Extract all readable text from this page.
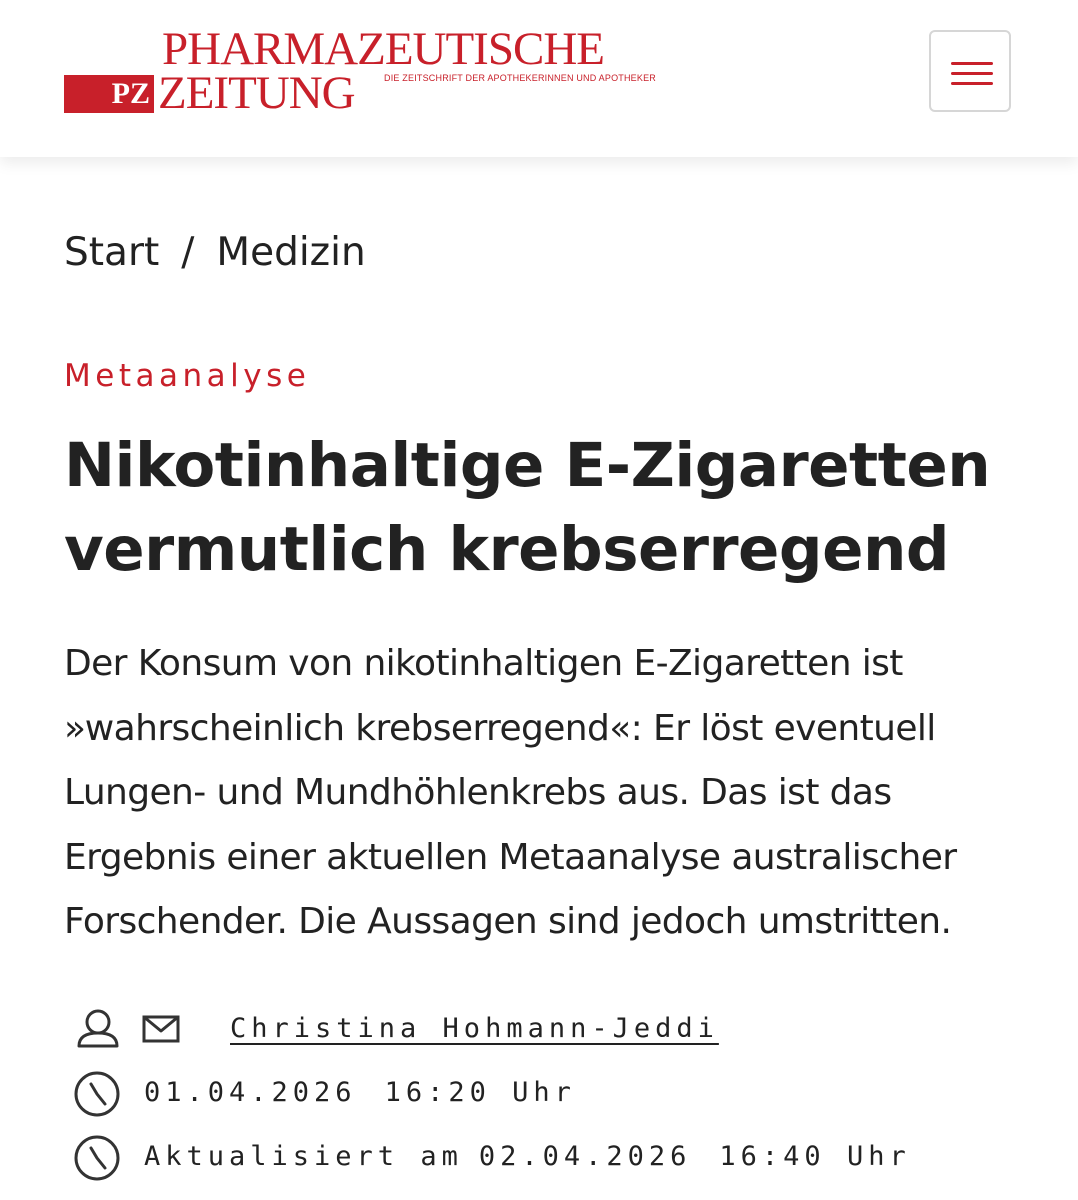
PHARMAZEUTISCHE
PZ ZEITUNG	DIE ZEITSCHRIFT DER APOTHEKERINNEN UND APOTHEKER
Start / Medizin
Metaanalyse
Nikotinhaltige E-Zigaretten
vermutlich krebserregend

Der Konsum von nikotinhaltigen E-Zigaretten ist »wahrscheinlich krebserregend«: Er löst eventuell Lungen- und Mundhöhlenkrebs aus. Das ist das Ergebnis einer aktuellen Metaanalyse australischer Forschender. Die Aussagen sind jedoch umstritten.

Christina Hohmann-Jeddi
01.04.2026 16:20 Uhr
Aktualisiert am 02.04.2026 16:40 Uhr
